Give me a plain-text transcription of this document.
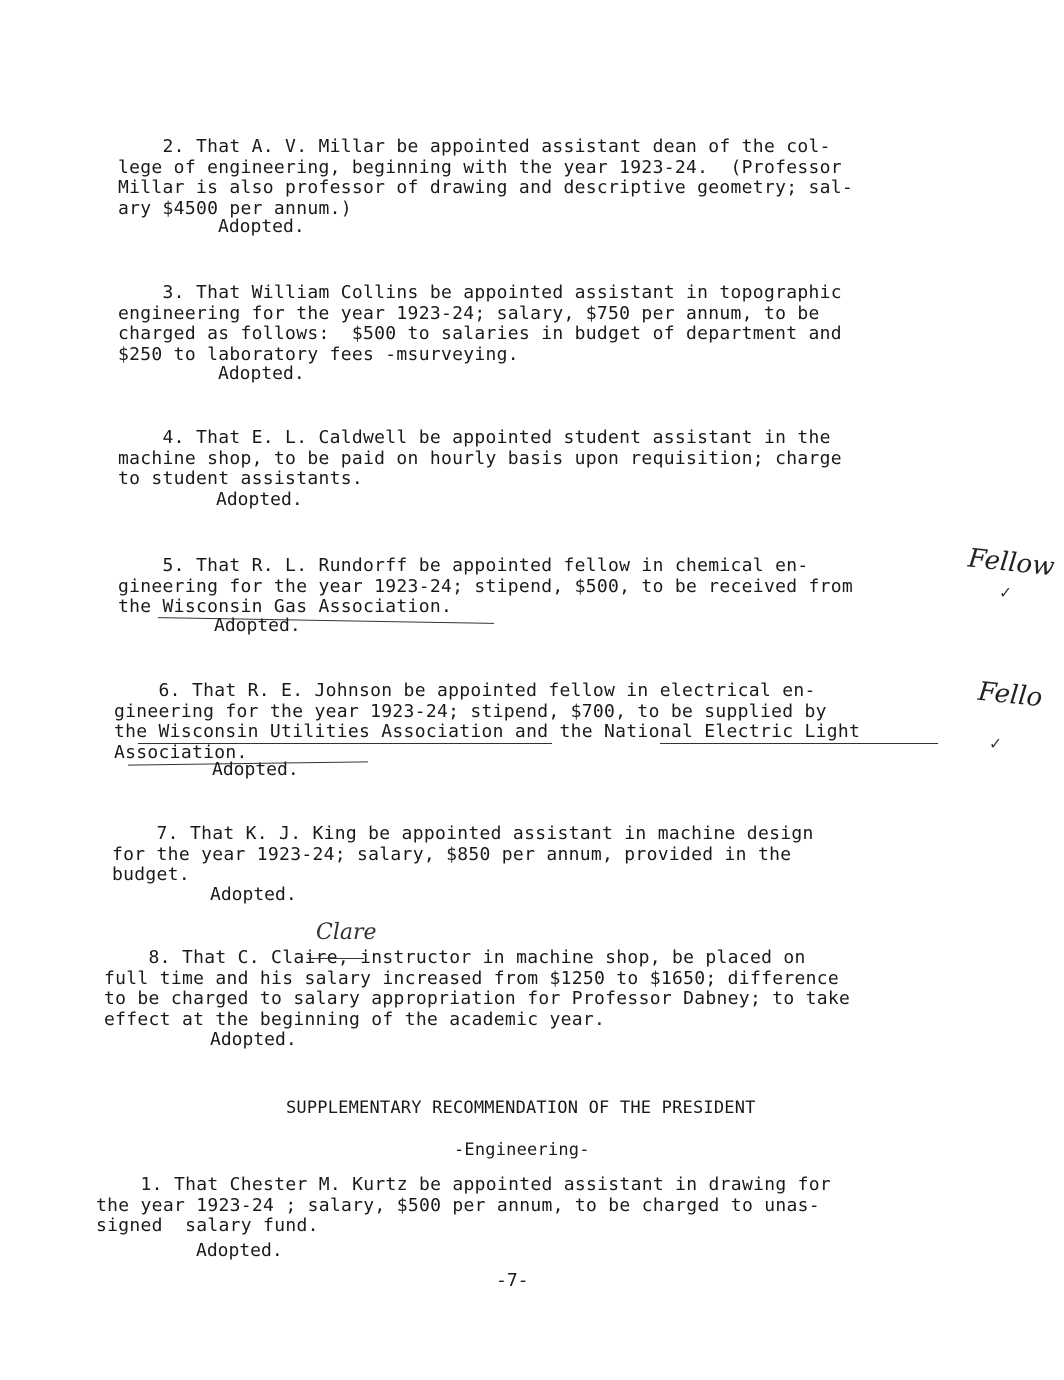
2. That A. V. Millar be appointed assistant dean of the col-
lege of engineering, beginning with the year 1923-24.  (Professor
Millar is also professor of drawing and descriptive geometry; sal-
ary $4500 per annum.)
Adopted.
3. That William Collins be appointed assistant in topographic
engineering for the year 1923-24; salary, $750 per annum, to be
charged as follows:  $500 to salaries in budget of department and
$250 to laboratory fees -msurveying.
Adopted.
4. That E. L. Caldwell be appointed student assistant in the
machine shop, to be paid on hourly basis upon requisition; charge
to student assistants.
Adopted.
5. That R. L. Rundorff be appointed fellow in chemical en-
gineering for the year 1923-24; stipend, $500, to be received from
the Wisconsin Gas Association.
Adopted.
Fellow
✓
6. That R. E. Johnson be appointed fellow in electrical en-
gineering for the year 1923-24; stipend, $700, to be supplied by
the Wisconsin Utilities Association and the National Electric Light
Association.
Adopted.
Fello
✓
7. That K. J. King be appointed assistant in machine design
for the year 1923-24; salary, $850 per annum, provided in the
budget.
Adopted.
Clare
8. That C. Claire, instructor in machine shop, be placed on
full time and his salary increased from $1250 to $1650; difference
to be charged to salary appropriation for Professor Dabney; to take
effect at the beginning of the academic year.
Adopted.
SUPPLEMENTARY RECOMMENDATION OF THE PRESIDENT
-Engineering-
1. That Chester M. Kurtz be appointed assistant in drawing for
the year 1923-24 ; salary, $500 per annum, to be charged to unas-
signed  salary fund.
Adopted.
-7-
